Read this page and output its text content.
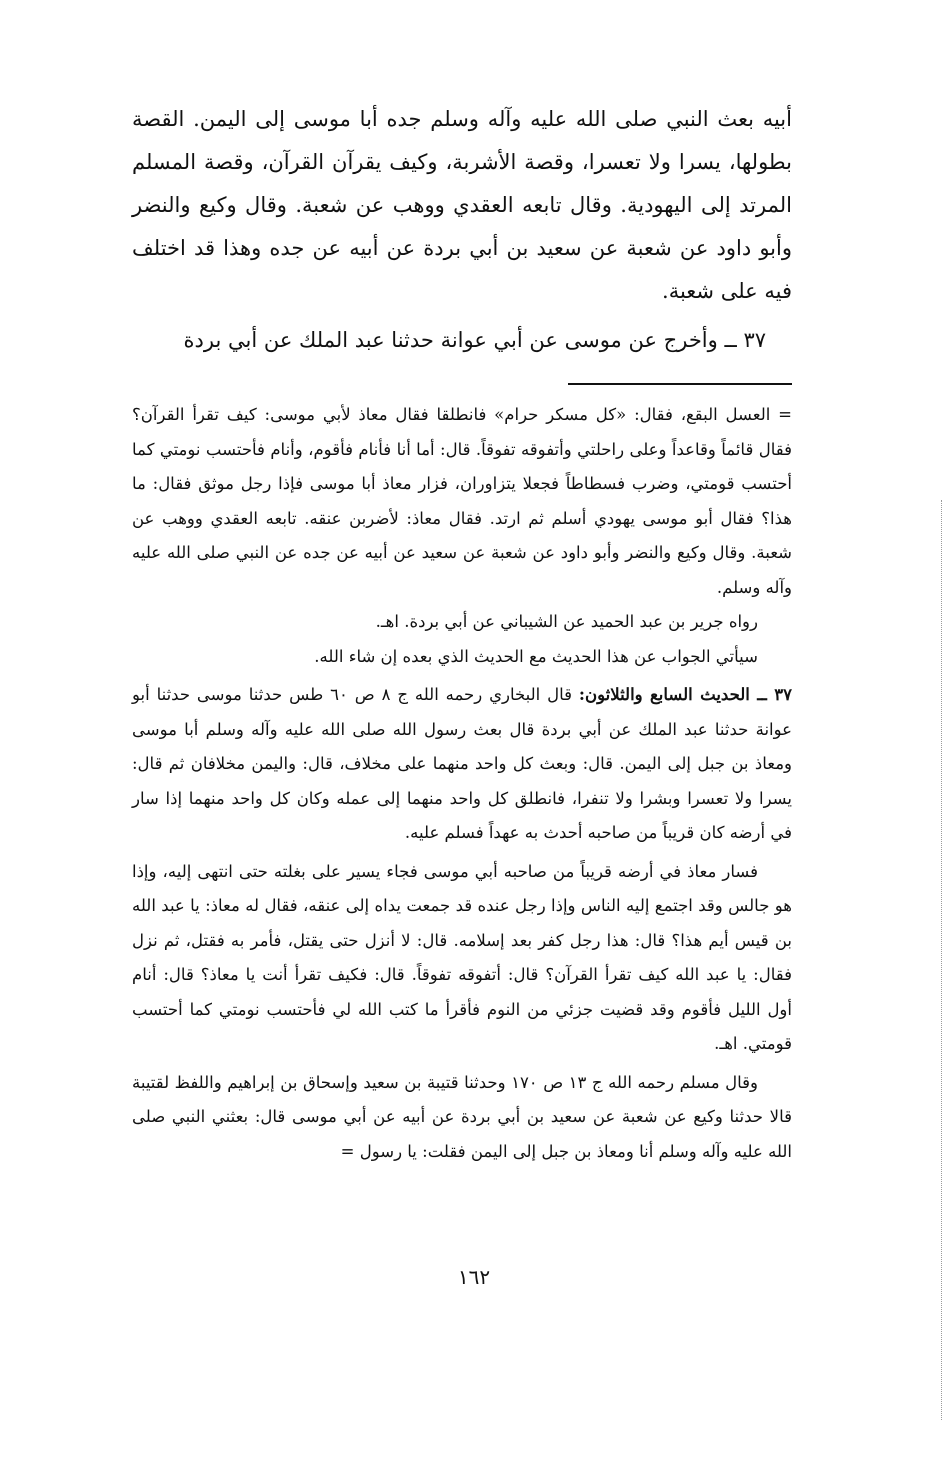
أبيه بعث النبي صلى الله عليه وآله وسلم جده أبا موسى إلى اليمن. القصة بطولها، يسرا ولا تعسرا، وقصة الأشربة، وكيف يقرآن القرآن، وقصة المسلم المرتد إلى اليهودية. وقال تابعه العقدي ووهب عن شعبة. وقال وكيع والنضر وأبو داود عن شعبة عن سعيد بن أبي بردة عن أبيه عن جده وهذا قد اختلف فيه على شعبة.

٣٧ ــ وأخرج عن موسى عن أبي عوانة حدثنا عبد الملك عن أبي بردة

= العسل البقع، فقال: «كل مسكر حرام» فانطلقا فقال معاذ لأبي موسى: كيف تقرأ القرآن؟ فقال قائماً وقاعداً وعلى راحلتي وأتفوقه تفوقاً. قال: أما أنا فأنام فأقوم، وأنام فأحتسب نومتي كما أحتسب قومتي، وضرب فسطاطاً فجعلا يتزاوران، فزار معاذ أبا موسى فإذا رجل موثق فقال: ما هذا؟ فقال أبو موسى يهودي أسلم ثم ارتد. فقال معاذ: لأضربن عنقه. تابعه العقدي ووهب عن شعبة. وقال وكيع والنضر وأبو داود عن شعبة عن سعيد عن أبيه عن جده عن النبي صلى الله عليه وآله وسلم.

رواه جرير بن عبد الحميد عن الشيباني عن أبي بردة. اهـ.

سيأتي الجواب عن هذا الحديث مع الحديث الذي بعده إن شاء الله.

٣٧ ــ الحديث السابع والثلاثون: قال البخاري رحمه الله ج ٨ ص ٦٠ طس حدثنا موسى حدثنا أبو عوانة حدثنا عبد الملك عن أبي بردة قال بعث رسول الله صلى الله عليه وآله وسلم أبا موسى ومعاذ بن جبل إلى اليمن. قال: وبعث كل واحد منهما على مخلاف، قال: واليمن مخلافان ثم قال: يسرا ولا تعسرا وبشرا ولا تنفرا، فانطلق كل واحد منهما إلى عمله وكان كل واحد منهما إذا سار في أرضه كان قريباً من صاحبه أحدث به عهداً فسلم عليه.

فسار معاذ في أرضه قريباً من صاحبه أبي موسى فجاء يسير على بغلته حتى انتهى إليه، وإذا هو جالس وقد اجتمع إليه الناس وإذا رجل عنده قد جمعت يداه إلى عنقه، فقال له معاذ: يا عبد الله بن قيس أيم هذا؟ قال: هذا رجل كفر بعد إسلامه. قال: لا أنزل حتى يقتل، فأمر به فقتل، ثم نزل فقال: يا عبد الله كيف تقرأ القرآن؟ قال: أتفوقه تفوقاً. قال: فكيف تقرأ أنت يا معاذ؟ قال: أنام أول الليل فأقوم وقد قضيت جزئي من النوم فأقرأ ما كتب الله لي فأحتسب نومتي كما أحتسب قومتي. اهـ.

وقال مسلم رحمه الله ج ١٣ ص ١٧٠ وحدثنا قتيبة بن سعيد وإسحاق بن إبراهيم واللفظ لقتيبة قالا حدثنا وكيع عن شعبة عن سعيد بن أبي بردة عن أبيه عن أبي موسى قال: بعثني النبي صلى الله عليه وآله وسلم أنا ومعاذ بن جبل إلى اليمن فقلت: يا رسول =

١٦٢
